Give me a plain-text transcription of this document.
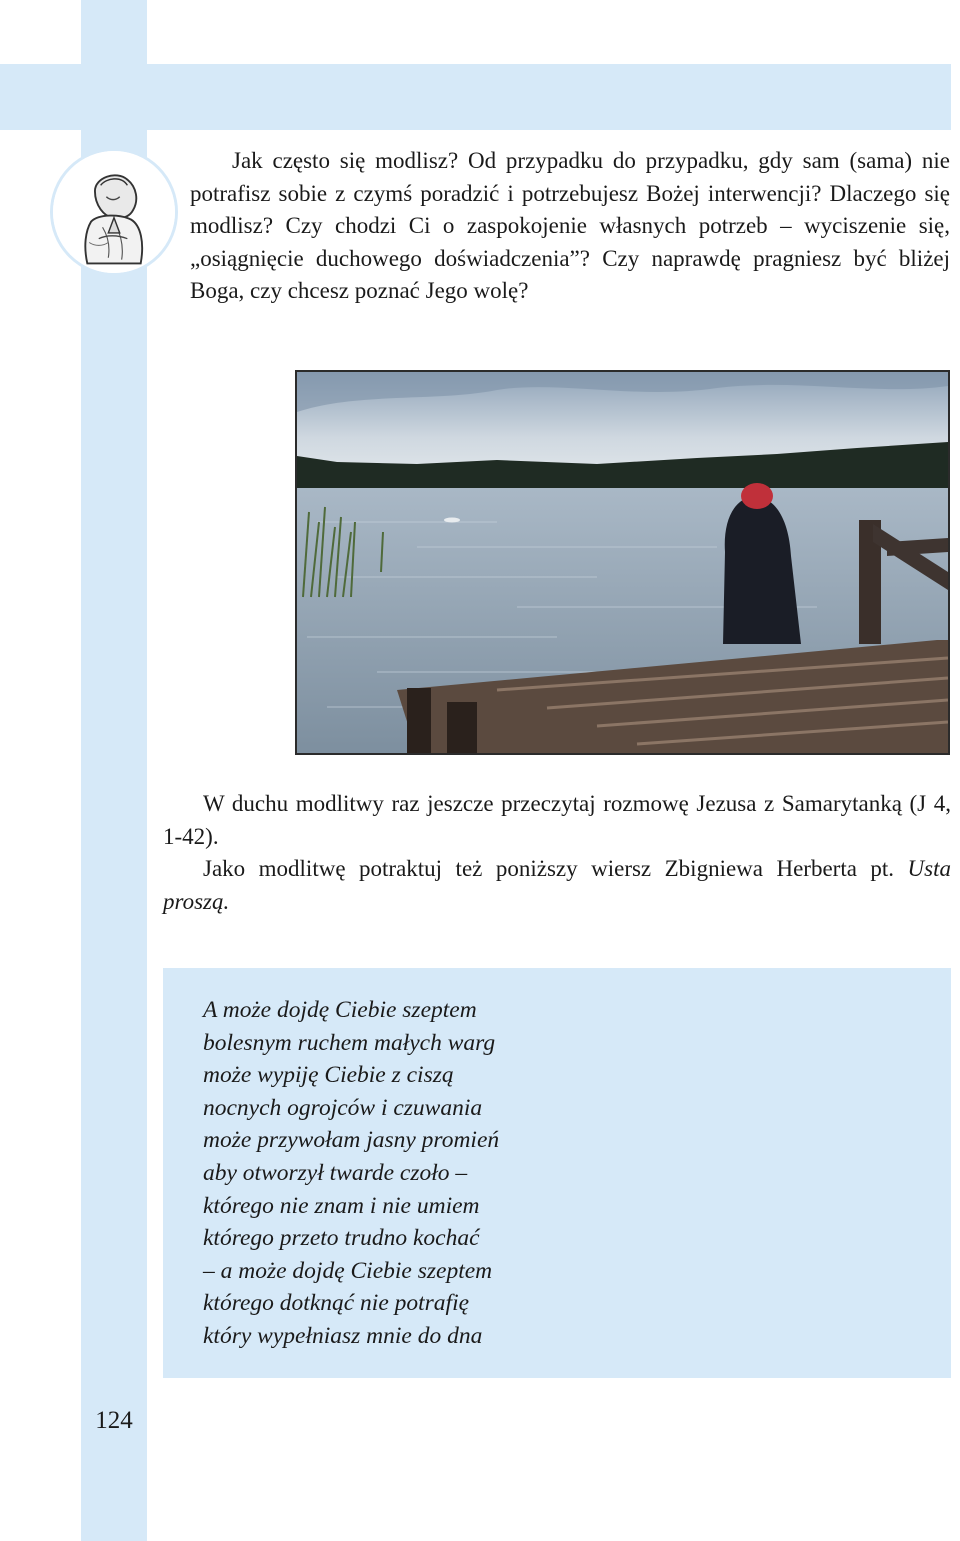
Jak często się modlisz? Od przypadku do przypadku, gdy sam (sama) nie potrafisz sobie z czymś poradzić i potrzebujesz Bożej interwencji? Dlaczego się modlisz? Czy chodzi Ci o zaspokojenie własnych potrzeb – wyciszenie się, „osiągnięcie duchowego doświadczenia”? Czy naprawdę pragniesz być bliżej Boga, czy chcesz poznać Jego wolę?

W duchu modlitwy raz jeszcze przeczytaj rozmowę Jezusa z Samarytanką (J 4, 1-42).

Jako modlitwę potraktuj też poniższy wiersz Zbigniewa Herberta pt. Usta proszą.

A może dojdę Ciebie szeptem
bolesnym ruchem małych warg
może wypiję Ciebie z ciszą
nocnych ogrojców i czuwania
może przywołam jasny promień
aby otworzył twarde czoło –
którego nie znam i nie umiem
którego przeto trudno kochać
– a może dojdę Ciebie szeptem
którego dotknąć nie potrafię
który wypełniasz mnie do dna
124
